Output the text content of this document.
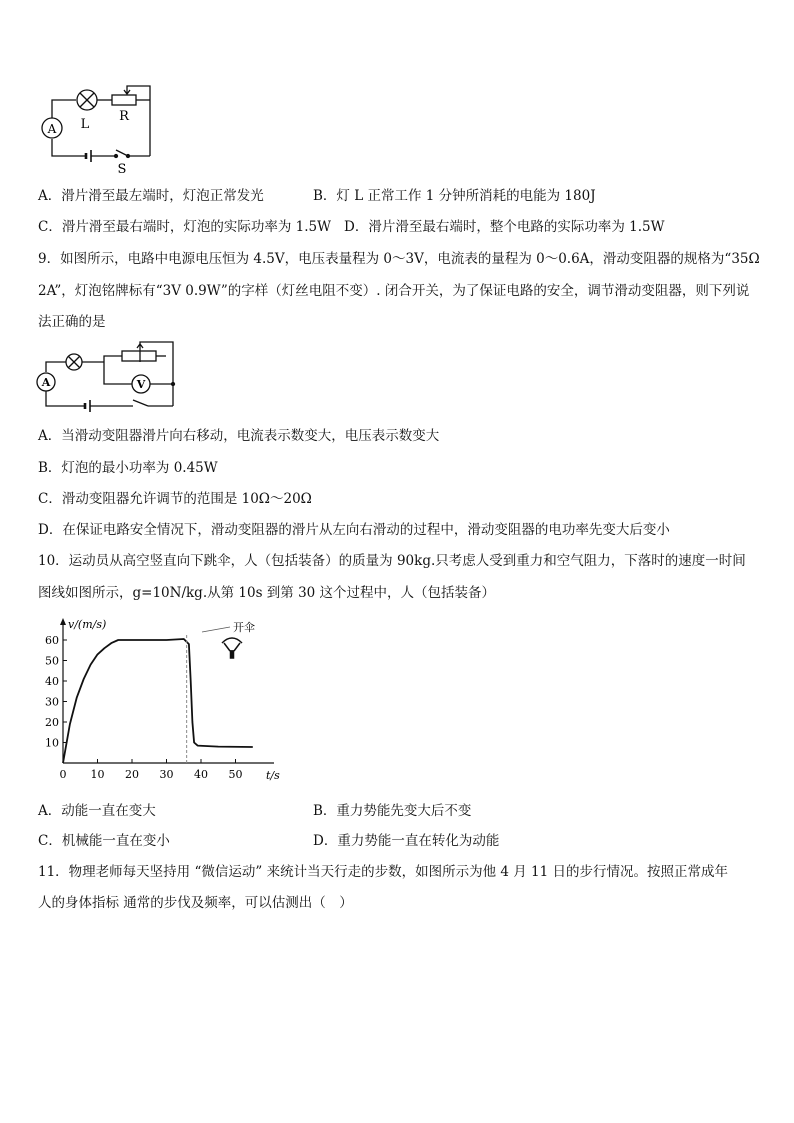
A L
R
S
A．滑片滑至最左端时，灯泡正常发光	B．灯 L 正常工作 1 分钟所消耗的电能为 180J
C．滑片滑至最右端时，灯泡的实际功率为 1.5W D．滑片滑至最右端时，整个电路的实际功率为 1.5W
9．如图所示，电路中电源电压恒为 4.5V，电压表量程为 0～3V，电流表的量程为 0～0.6A，滑动变阻器的规格为“35Ω
2A”，灯泡铭牌标有“3V 0.9W”的字样（灯丝电阻不变）. 闭合开关，为了保证电路的安全，调节滑动变阻器，则下列说
法正确的是
A	V
A．当滑动变阻器滑片向右移动，电流表示数变大，电压表示数变大
B．灯泡的最小功率为 0.45W
C．滑动变阻器允许调节的范围是 10Ω～20Ω
D．在保证电路安全情况下，滑动变阻器的滑片从左向右滑动的过程中，滑动变阻器的电功率先变大后变小
10．运动员从高空竖直向下跳伞，人（包括装备）的质量为 90kg.只考虑人受到重力和空气阻力，下落时的速度一时间
图线如图所示，g=10N/kg.从第 10s 到第 30 这个过程中，人（包括装备）
10
20
30
40
50
60
0 10 20 30 40 50
开伞
v/(m/s)
t/s
A．动能一直在变大	B．重力势能先变大后不变
C．机械能一直在变小	D．重力势能一直在转化为动能
11．物理老师每天坚持用 “微信运动” 来统计当天行走的步数，如图所示为他 4 月 11 日的步行情况。按照正常成年
人的身体指标 通常的步伐及频率，可以估测出（　）
